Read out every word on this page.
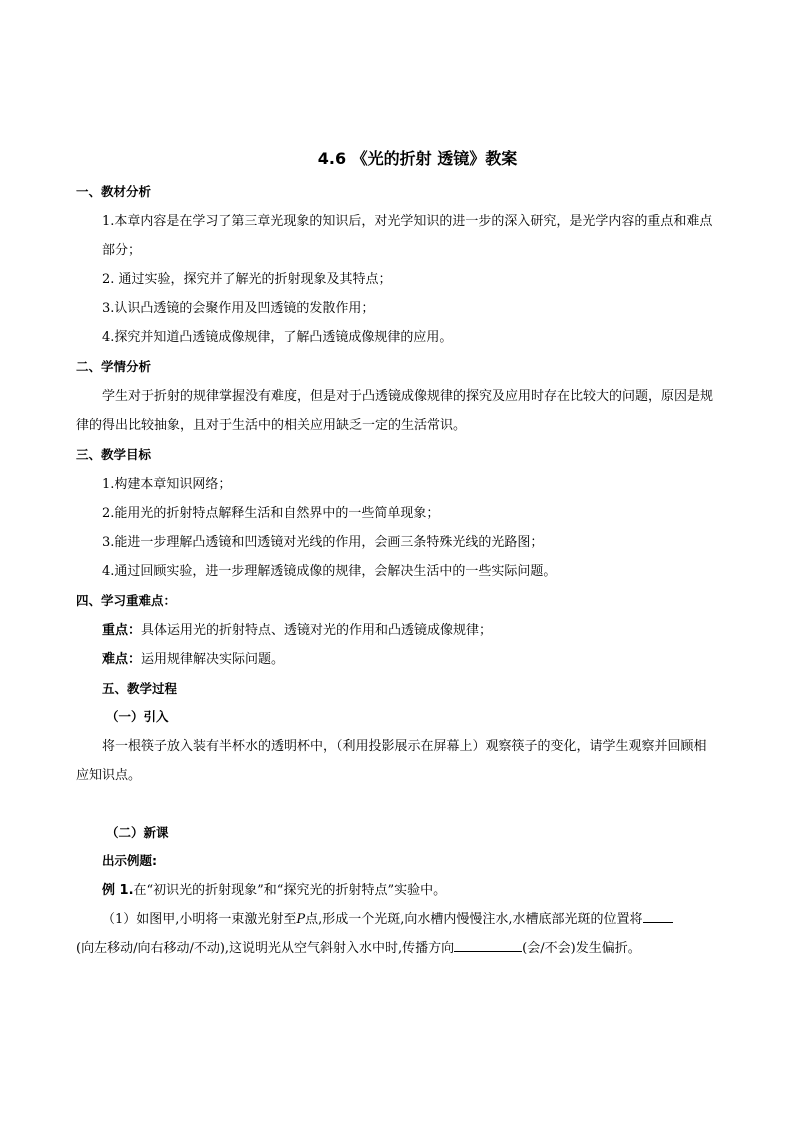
4.6 《光的折射 透镜》教案
一、教材分析

1.本章内容是在学习了第三章光现象的知识后，对光学知识的进一步的深入研究，是光学内容的重点和难点部分；

2. 通过实验，探究并了解光的折射现象及其特点；

3.认识凸透镜的会聚作用及凹透镜的发散作用；

4.探究并知道凸透镜成像规律，了解凸透镜成像规律的应用。

二、学情分析

学生对于折射的规律掌握没有难度，但是对于凸透镜成像规律的探究及应用时存在比较大的问题，原因是规律的得出比较抽象，且对于生活中的相关应用缺乏一定的生活常识。

三、教学目标

1.构建本章知识网络；

2.能用光的折射特点解释生活和自然界中的一些简单现象；

3.能进一步理解凸透镜和凹透镜对光线的作用，会画三条特殊光线的光路图；

4.通过回顾实验，进一步理解透镜成像的规律，会解决生活中的一些实际问题。

四、学习重难点：

重点：具体运用光的折射特点、透镜对光的作用和凸透镜成像规律；

难点：运用规律解决实际问题。

五、教学过程
（一）引入

将一根筷子放入装有半杯水的透明杯中，（利用投影展示在屏幕上）观察筷子的变化，请学生观察并回顾相应知识点。

（二）新课
出示例题:

例 1.在“初识光的折射现象”和“探究光的折射特点”实验中。

（1）如图甲,小明将一束激光射至P点,形成一个光斑,向水槽内慢慢注水,水槽底部光斑的位置将

(向左移动/向右移动/不动),这说明光从空气斜射入水中时,传播方向	(会/不会)发生偏折。
